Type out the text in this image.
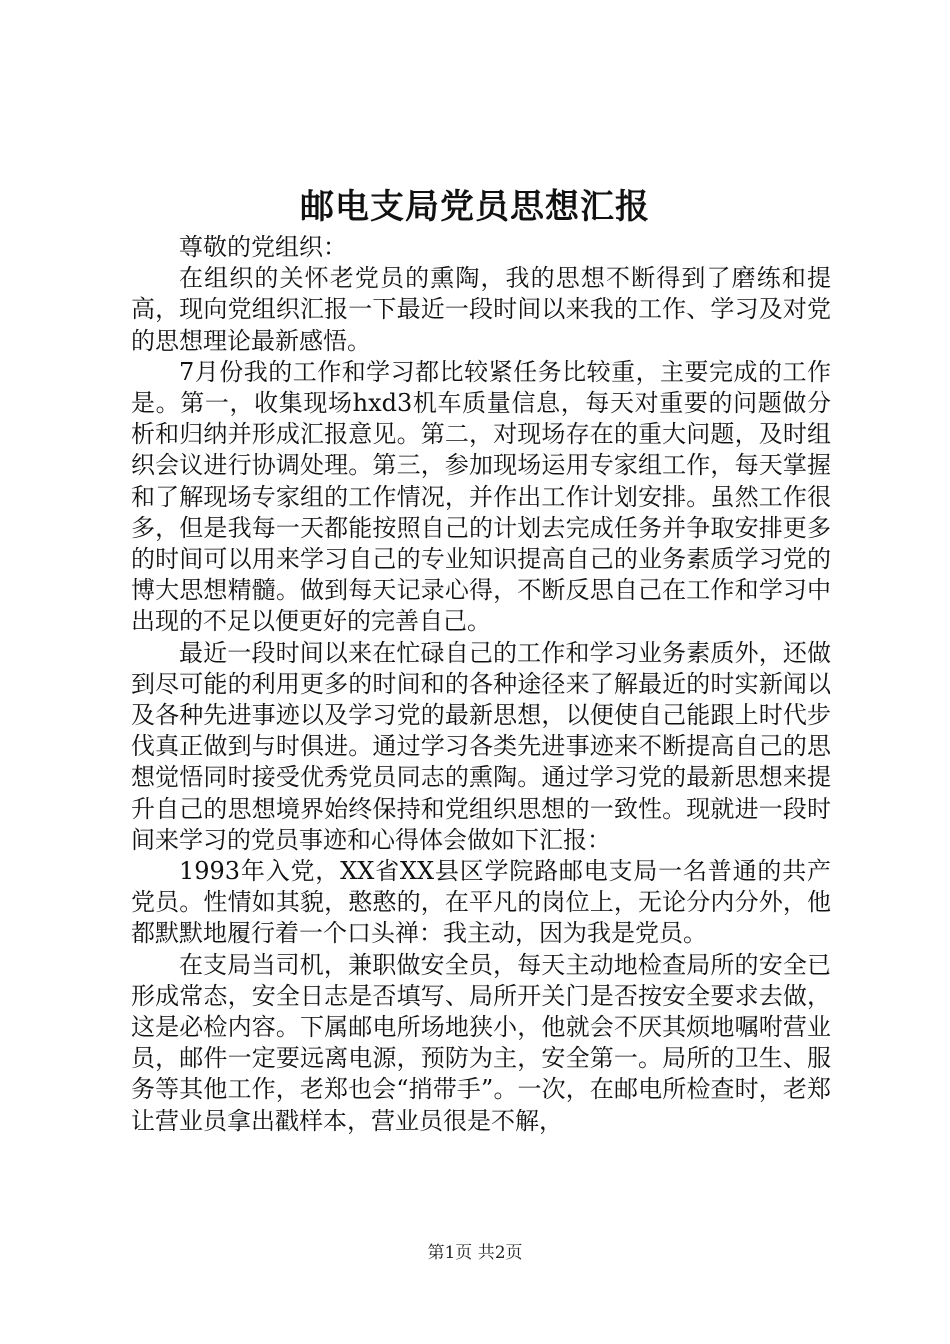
邮电支局党员思想汇报

尊敬的党组织：

在组织的关怀老党员的熏陶，我的思想不断得到了磨练和提高，现向党组织汇报一下最近一段时间以来我的工作、学习及对党的思想理论最新感悟。

7月份我的工作和学习都比较紧任务比较重，主要完成的工作是。第一，收集现场hxd3机车质量信息，每天对重要的问题做分析和归纳并形成汇报意见。第二，对现场存在的重大问题，及时组织会议进行协调处理。第三，参加现场运用专家组工作，每天掌握和了解现场专家组的工作情况，并作出工作计划安排。虽然工作很多，但是我每一天都能按照自己的计划去完成任务并争取安排更多的时间可以用来学习自己的专业知识提高自己的业务素质学习党的博大思想精髓。做到每天记录心得，不断反思自己在工作和学习中出现的不足以便更好的完善自己。

最近一段时间以来在忙碌自己的工作和学习业务素质外，还做到尽可能的利用更多的时间和的各种途径来了解最近的时实新闻以及各种先进事迹以及学习党的最新思想，以便使自己能跟上时代步伐真正做到与时俱进。通过学习各类先进事迹来不断提高自己的思想觉悟同时接受优秀党员同志的熏陶。通过学习党的最新思想来提升自己的思想境界始终保持和党组织思想的一致性。现就进一段时间来学习的党员事迹和心得体会做如下汇报：

1993年入党，XX省XX县区学院路邮电支局一名普通的共产党员。性情如其貌，憨憨的，在平凡的岗位上，无论分内分外，他都默默地履行着一个口头禅：我主动，因为我是党员。

在支局当司机，兼职做安全员，每天主动地检查局所的安全已形成常态，安全日志是否填写、局所开关门是否按安全要求去做，这是必检内容。下属邮电所场地狭小，他就会不厌其烦地嘱咐营业员，邮件一定要远离电源，预防为主，安全第一。局所的卫生、服务等其他工作，老郑也会“捎带手”。一次，在邮电所检查时，老郑让营业员拿出戳样本，营业员很是不解，

第1页 共2页
